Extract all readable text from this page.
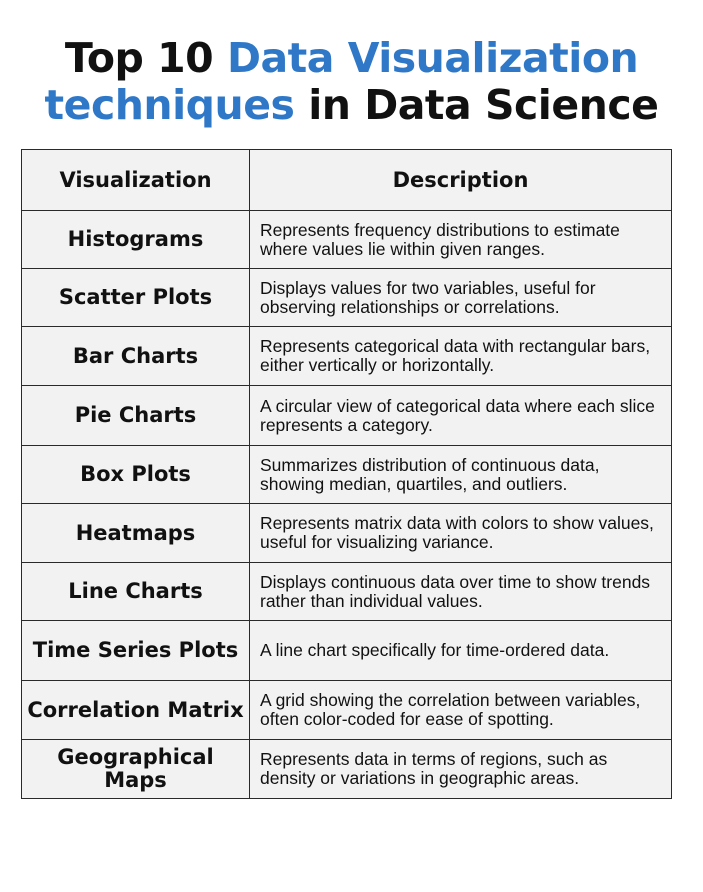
Top 10 Data Visualization
techniques in Data Science
Visualization	Description
Histograms	Represents frequency distributions to estimate where values lie within given ranges.
Scatter Plots	Displays values for two variables, useful for observing relationships or correlations.
Bar Charts	Represents categorical data with rectangular bars, either vertically or horizontally.
Pie Charts	A circular view of categorical data where each slice represents a category.
Box Plots	Summarizes distribution of continuous data, showing median, quartiles, and outliers.
Heatmaps	Represents matrix data with colors to show values, useful for visualizing variance.
Line Charts	Displays continuous data over time to show trends rather than individual values.
Time Series Plots	A line chart specifically for time-ordered data.
Correlation Matrix	A grid showing the correlation between variables, often color-coded for ease of spotting.
Geographical Maps	Represents data in terms of regions, such as density or variations in geographic areas.
